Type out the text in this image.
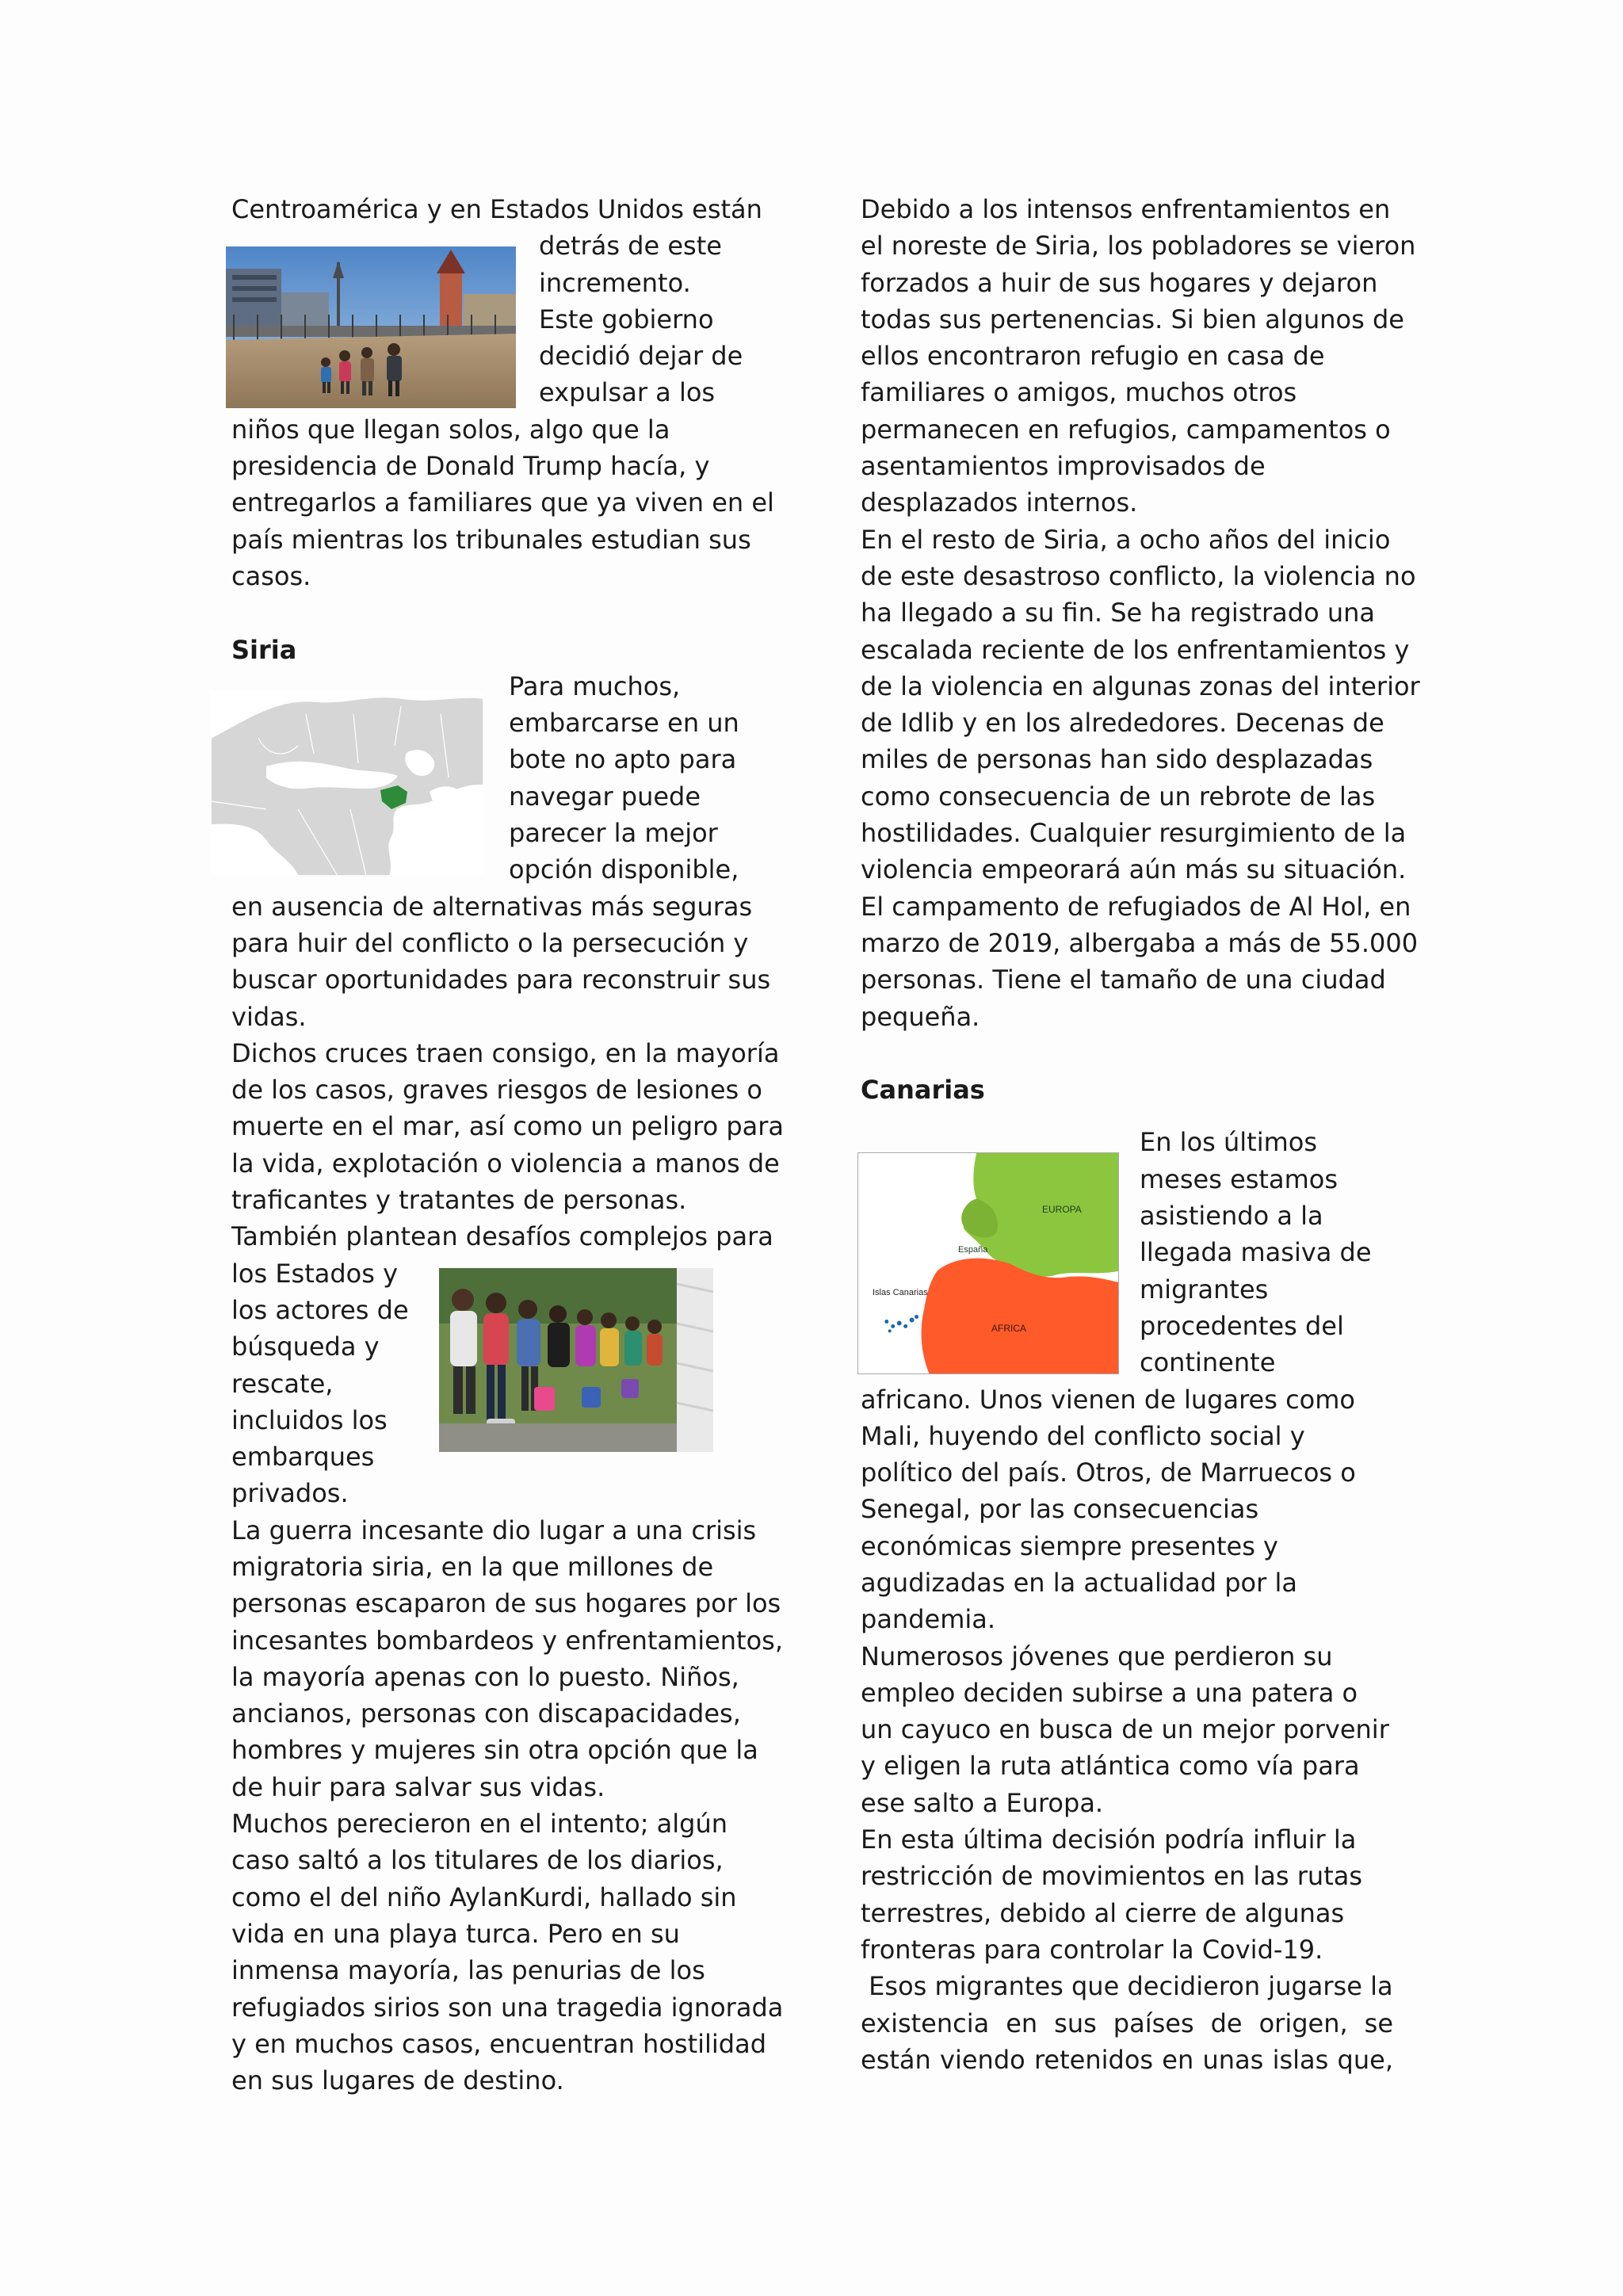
Centroamérica y en Estados Unidos están
detrás de este
incremento.
Este gobierno
decidió dejar de
expulsar a los
niños que llegan solos, algo que la
presidencia de Donald Trump hacía, y
entregarlos a familiares que ya viven en el
país mientras los tribunales estudian sus
casos.
Siria
Para muchos,
embarcarse en un
bote no apto para
navegar puede
parecer la mejor
opción disponible,
en ausencia de alternativas más seguras
para huir del conflicto o la persecución y
buscar oportunidades para reconstruir sus
vidas.
Dichos cruces traen consigo, en la mayoría
de los casos, graves riesgos de lesiones o
muerte en el mar, así como un peligro para
la vida, explotación o violencia a manos de
traficantes y tratantes de personas.
También plantean desafíos complejos para
los Estados y
los actores de
búsqueda y
rescate,
incluidos los
embarques
privados.
La guerra incesante dio lugar a una crisis
migratoria siria, en la que millones de
personas escaparon de sus hogares por los
incesantes bombardeos y enfrentamientos,
la mayoría apenas con lo puesto. Niños,
ancianos, personas con discapacidades,
hombres y mujeres sin otra opción que la
de huir para salvar sus vidas.
Muchos perecieron en el intento; algún
caso saltó a los titulares de los diarios,
como el del niño AylanKurdi, hallado sin
vida en una playa turca. Pero en su
inmensa mayoría, las penurias de los
refugiados sirios son una tragedia ignorada
y en muchos casos, encuentran hostilidad
en sus lugares de destino.
Debido a los intensos enfrentamientos en
el noreste de Siria, los pobladores se vieron
forzados a huir de sus hogares y dejaron
todas sus pertenencias. Si bien algunos de
ellos encontraron refugio en casa de
familiares o amigos, muchos otros
permanecen en refugios, campamentos o
asentamientos improvisados de
desplazados internos.
En el resto de Siria, a ocho años del inicio
de este desastroso conflicto, la violencia no
ha llegado a su fin. Se ha registrado una
escalada reciente de los enfrentamientos y
de la violencia en algunas zonas del interior
de Idlib y en los alrededores. Decenas de
miles de personas han sido desplazadas
como consecuencia de un rebrote de las
hostilidades. Cualquier resurgimiento de la
violencia empeorará aún más su situación.
El campamento de refugiados de Al Hol, en
marzo de 2019, albergaba a más de 55.000
personas. Tiene el tamaño de una ciudad
pequeña.
Canarias
En los últimos
meses estamos
asistiendo a la
llegada masiva de
migrantes
procedentes del
continente
africano. Unos vienen de lugares como
Mali, huyendo del conflicto social y
político del país. Otros, de Marruecos o
Senegal, por las consecuencias
económicas siempre presentes y
agudizadas en la actualidad por la
pandemia.
Numerosos jóvenes que perdieron su
empleo deciden subirse a una patera o
un cayuco en busca de un mejor porvenir
y eligen la ruta atlántica como vía para
ese salto a Europa.
En esta última decisión podría influir la
restricción de movimientos en las rutas
terrestres, debido al cierre de algunas
fronteras para controlar la Covid-19.
Esos migrantes que decidieron jugarse la
existencia en sus países de origen, se
están viendo retenidos en unas islas que,
EUROPA
España
Islas Canarias
AFRICA
